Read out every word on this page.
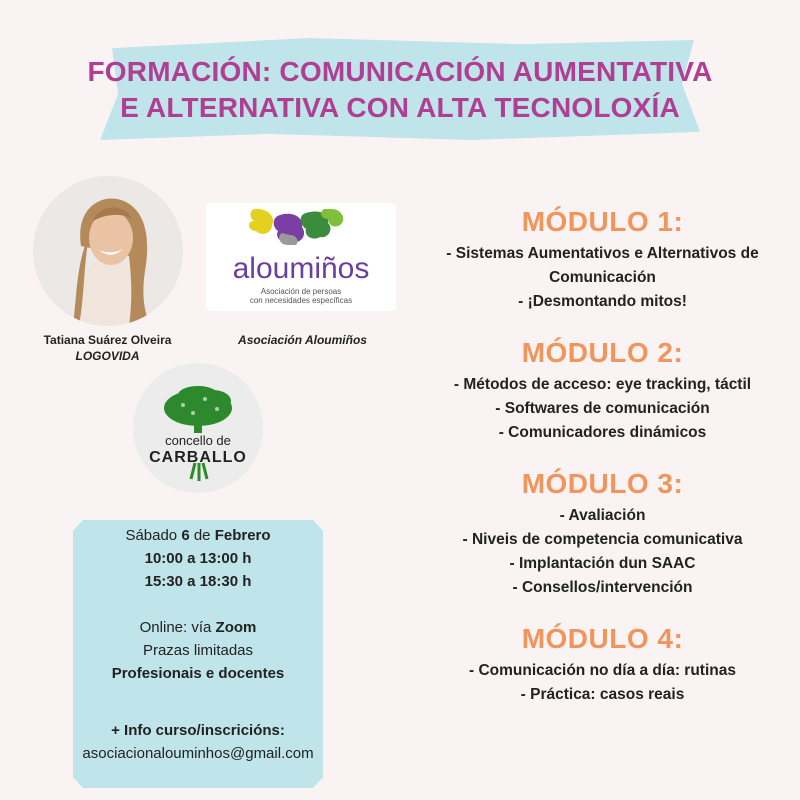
FORMACIÓN: COMUNICACIÓN AUMENTATIVA
E ALTERNATIVA CON ALTA TECNOLOXÍA
Tatiana Suárez Olveira
LOGOVIDA
aloumiños
Asociación de persoas
con necesidades específicas
Asociación Aloumiños
concello de
CARBALLO
Sábado 6 de Febrero
10:00 a 13:00 h
15:30 a 18:30 h
Online: vía Zoom
Prazas limitadas
Profesionais e docentes
+ Info curso/inscricións:
asociacionalouminhos@gmail.com
MÓDULO 1:
- Sistemas Aumentativos e Alternativos de
Comunicación
- ¡Desmontando mitos!
MÓDULO 2:
- Métodos de acceso: eye tracking, táctil
- Softwares de comunicación
- Comunicadores dinámicos
MÓDULO 3:
- Avaliación
- Niveis de competencia comunicativa
- Implantación dun SAAC
- Consellos/intervención
MÓDULO 4:
- Comunicación no día a día: rutinas
- Práctica: casos reais
